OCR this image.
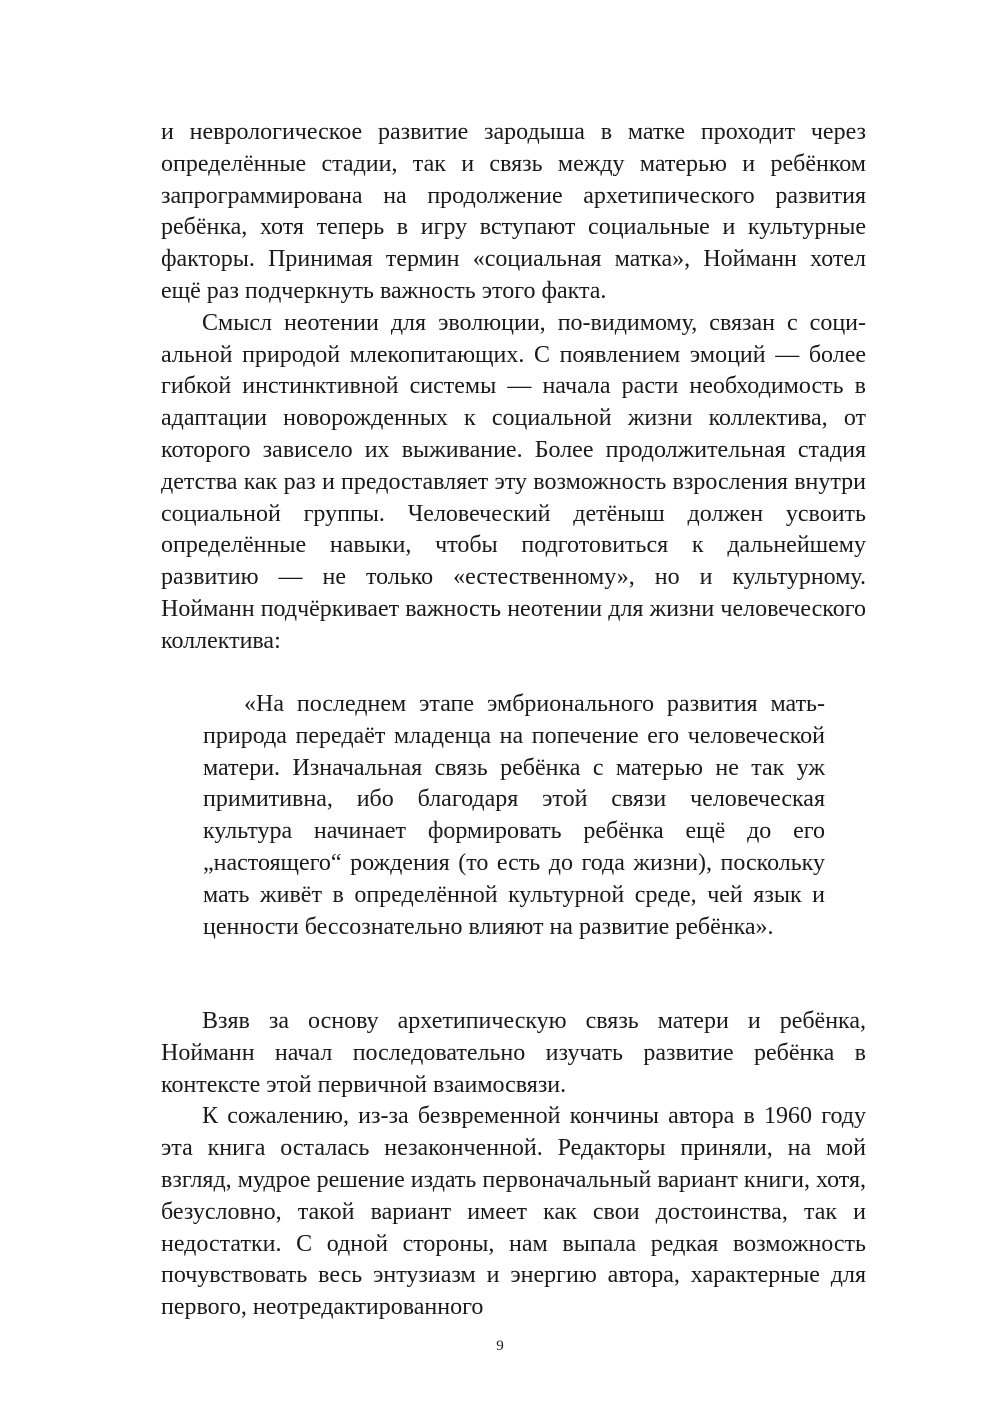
и неврологическое развитие зародыша в матке проходит через определённые стадии, так и связь между матерью и ребёнком запрограммирована на продолжение архетипического развития ребёнка, хотя теперь в игру вступают социальные и культурные факторы. Принимая термин «социальная матка», Нойманн хотел ещё раз подчеркнуть важность этого факта.

Смысл неотении для эволюции, по-видимому, связан с социальной природой млекопитающих. С появлением эмоций — более гибкой инстинктивной системы — начала расти необходимость в адаптации новорожденных к социальной жизни коллектива, от которого зависело их выживание. Более продолжительная стадия детства как раз и предоставляет эту возможность взросления внутри социальной группы. Человеческий детёныш должен усвоить определённые навыки, чтобы подготовиться к дальнейшему развитию — не только «естественному», но и культурному. Нойманн подчёркивает важность неотении для жизни человеческого коллектива:

«На последнем этапе эмбрионального развития мать-природа передаёт младенца на попечение его человеческой матери. Изначальная связь ребёнка с матерью не так уж примитивна, ибо благодаря этой связи человеческая культура начинает формировать ребёнка ещё до его „настоящего“ рождения (то есть до года жизни), поскольку мать живёт в определённой культурной среде, чей язык и ценности бессознательно влияют на развитие ребёнка».

Взяв за основу архетипическую связь матери и ребёнка, Нойманн начал последовательно изучать развитие ребёнка в контексте этой первичной взаимосвязи.

К сожалению, из-за безвременной кончины автора в 1960 году эта книга осталась незаконченной. Редакторы приняли, на мой взгляд, мудрое решение издать первоначальный вариант книги, хотя, безусловно, такой вариант имеет как свои достоинства, так и недостатки. С одной стороны, нам выпала редкая возможность почувствовать весь энтузиазм и энергию автора, характерные для первого, неотредактированного

9
